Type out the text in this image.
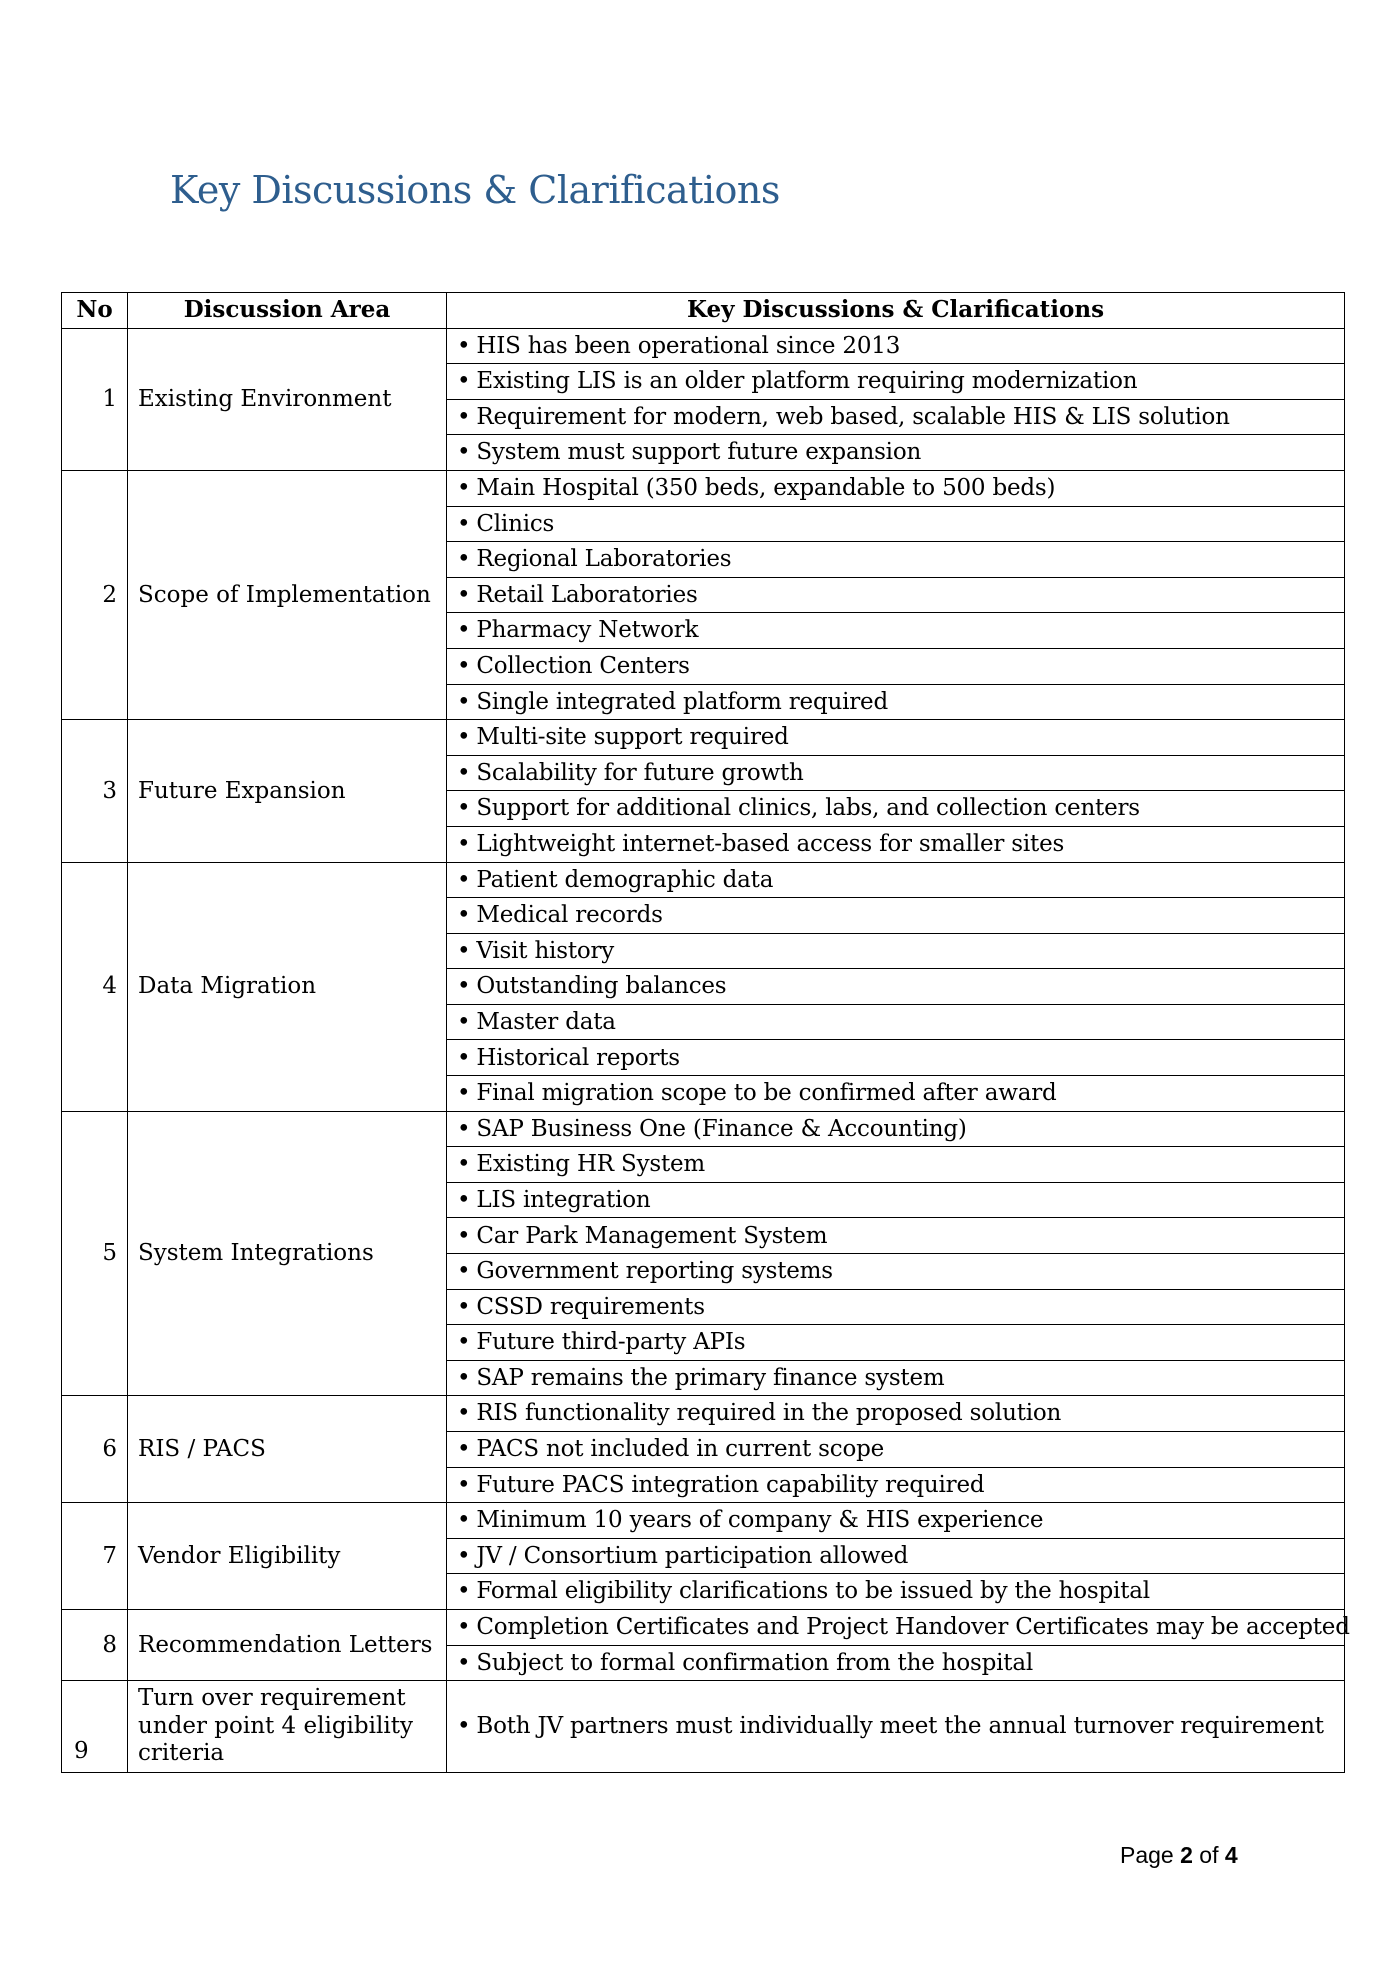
Key Discussions & Clarifications
No	Discussion Area	Key Discussions & Clarifications
1	Existing Environment	• HIS has been operational since 2013
		• Existing LIS is an older platform requiring modernization
		• Requirement for modern, web based, scalable HIS & LIS solution
		• System must support future expansion
2	Scope of Implementation	• Main Hospital (350 beds, expandable to 500 beds)
		• Clinics
		• Regional Laboratories
		• Retail Laboratories
		• Pharmacy Network
		• Collection Centers
		• Single integrated platform required
3	Future Expansion	• Multi-site support required
		• Scalability for future growth
		• Support for additional clinics, labs, and collection centers
		• Lightweight internet-based access for smaller sites
4	Data Migration	• Patient demographic data
		• Medical records
		• Visit history
		• Outstanding balances
		• Master data
		• Historical reports
		• Final migration scope to be confirmed after award
5	System Integrations	• SAP Business One (Finance & Accounting)
		• Existing HR System
		• LIS integration
		• Car Park Management System
		• Government reporting systems
		• CSSD requirements
		• Future third-party APIs
		• SAP remains the primary finance system
6	RIS / PACS	• RIS functionality required in the proposed solution
		• PACS not included in current scope
		• Future PACS integration capability required
7	Vendor Eligibility	• Minimum 10 years of company & HIS experience
		• JV / Consortium participation allowed
		• Formal eligibility clarifications to be issued by the hospital
8	Recommendation Letters	• Completion Certificates and Project Handover Certificates may be accepted
		• Subject to formal confirmation from the hospital
9	Turn over requirement under point 4 eligibility criteria	• Both JV partners must individually meet the annual turnover requirement
Page 2 of 4
